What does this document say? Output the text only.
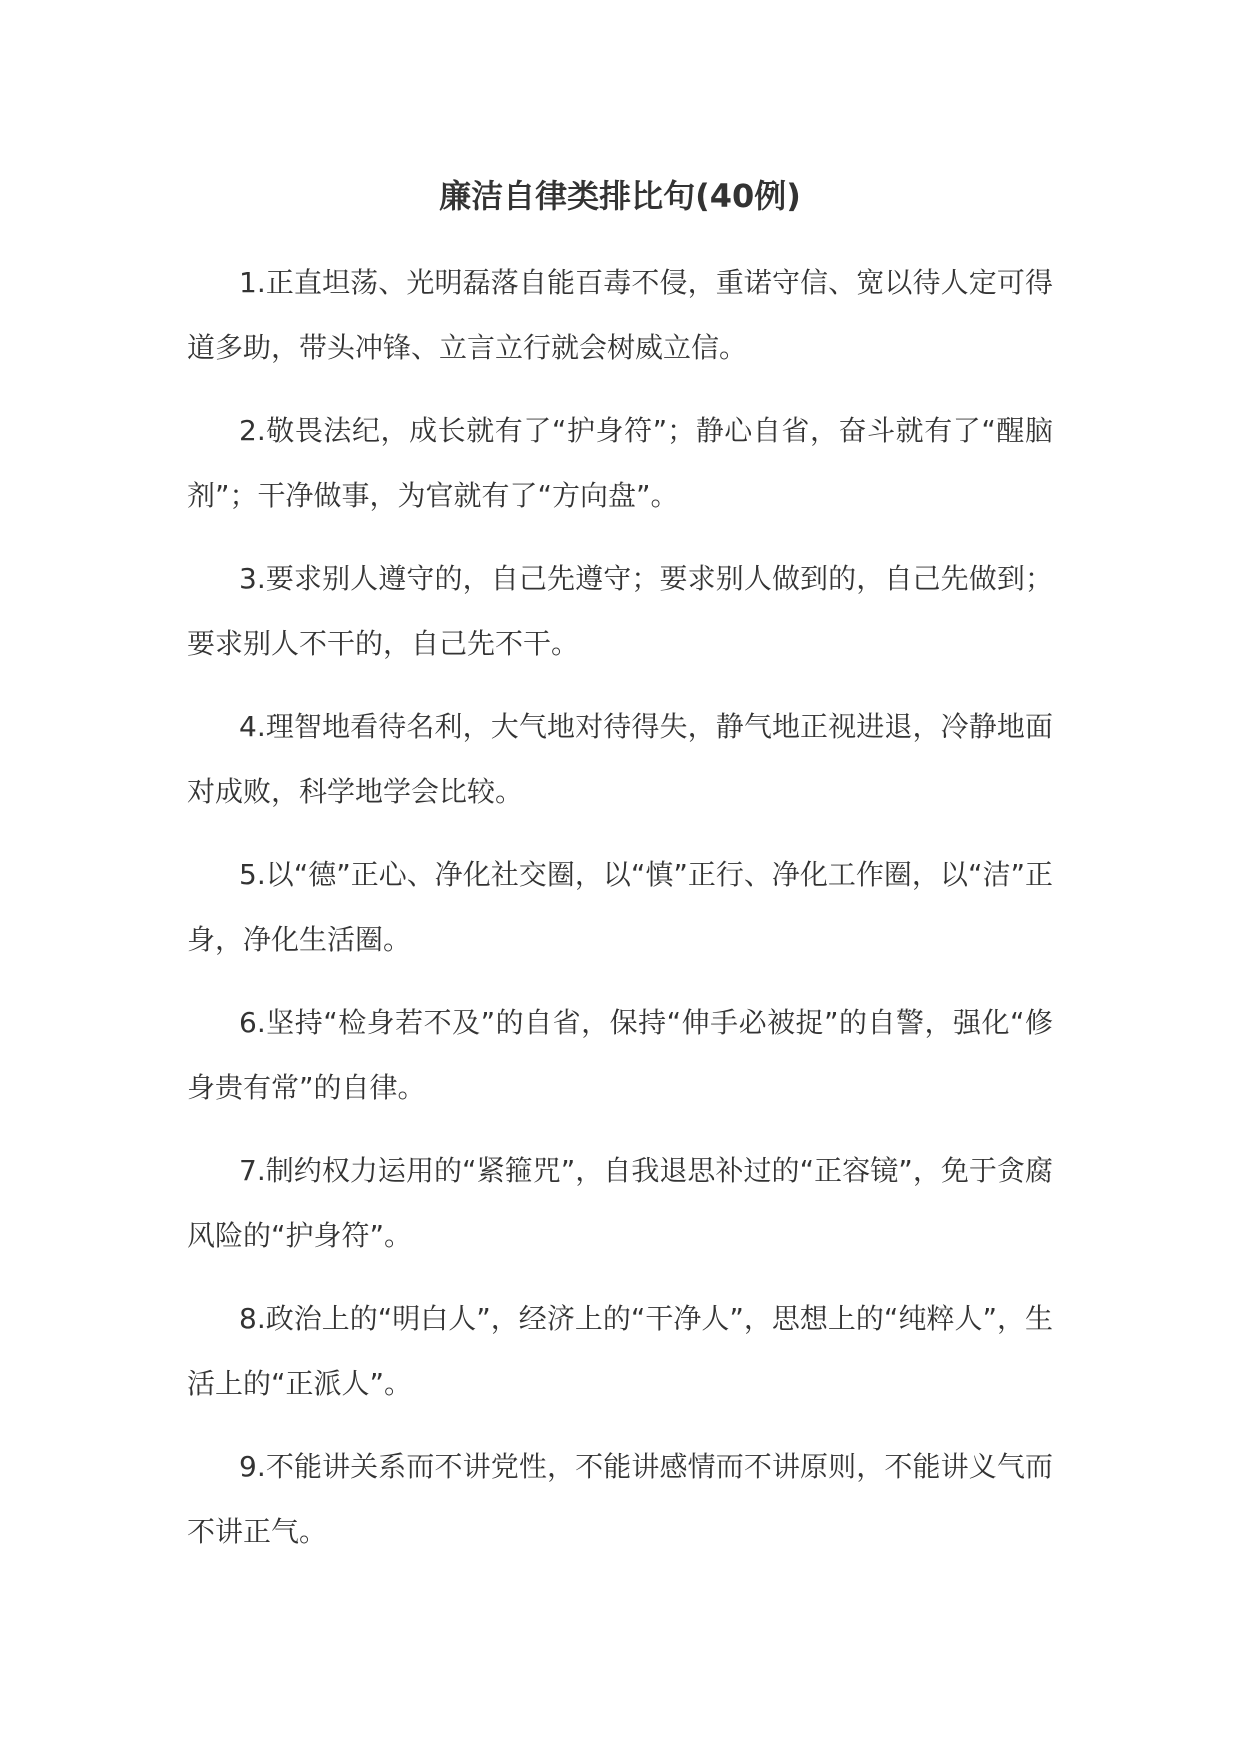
廉洁自律类排比句(40例)

1.正直坦荡、光明磊落自能百毒不侵，重诺守信、宽以待人定可得道多助，带头冲锋、立言立行就会树威立信。

2.敬畏法纪，成长就有了“护身符”；静心自省，奋斗就有了“醒脑剂”；干净做事，为官就有了“方向盘”。

3.要求别人遵守的，自己先遵守；要求别人做到的，自己先做到；要求别人不干的，自己先不干。

4.理智地看待名利，大气地对待得失，静气地正视进退，冷静地面对成败，科学地学会比较。

5.以“德”正心、净化社交圈，以“慎”正行、净化工作圈，以“洁”正身，净化生活圈。

6.坚持“检身若不及”的自省，保持“伸手必被捉”的自警，强化“修身贵有常”的自律。

7.制约权力运用的“紧箍咒”，自我退思补过的“正容镜”，免于贪腐风险的“护身符”。

8.政治上的“明白人”，经济上的“干净人”，思想上的“纯粹人”，生活上的“正派人”。

9.不能讲关系而不讲党性，不能讲感情而不讲原则，不能讲义气而不讲正气。
